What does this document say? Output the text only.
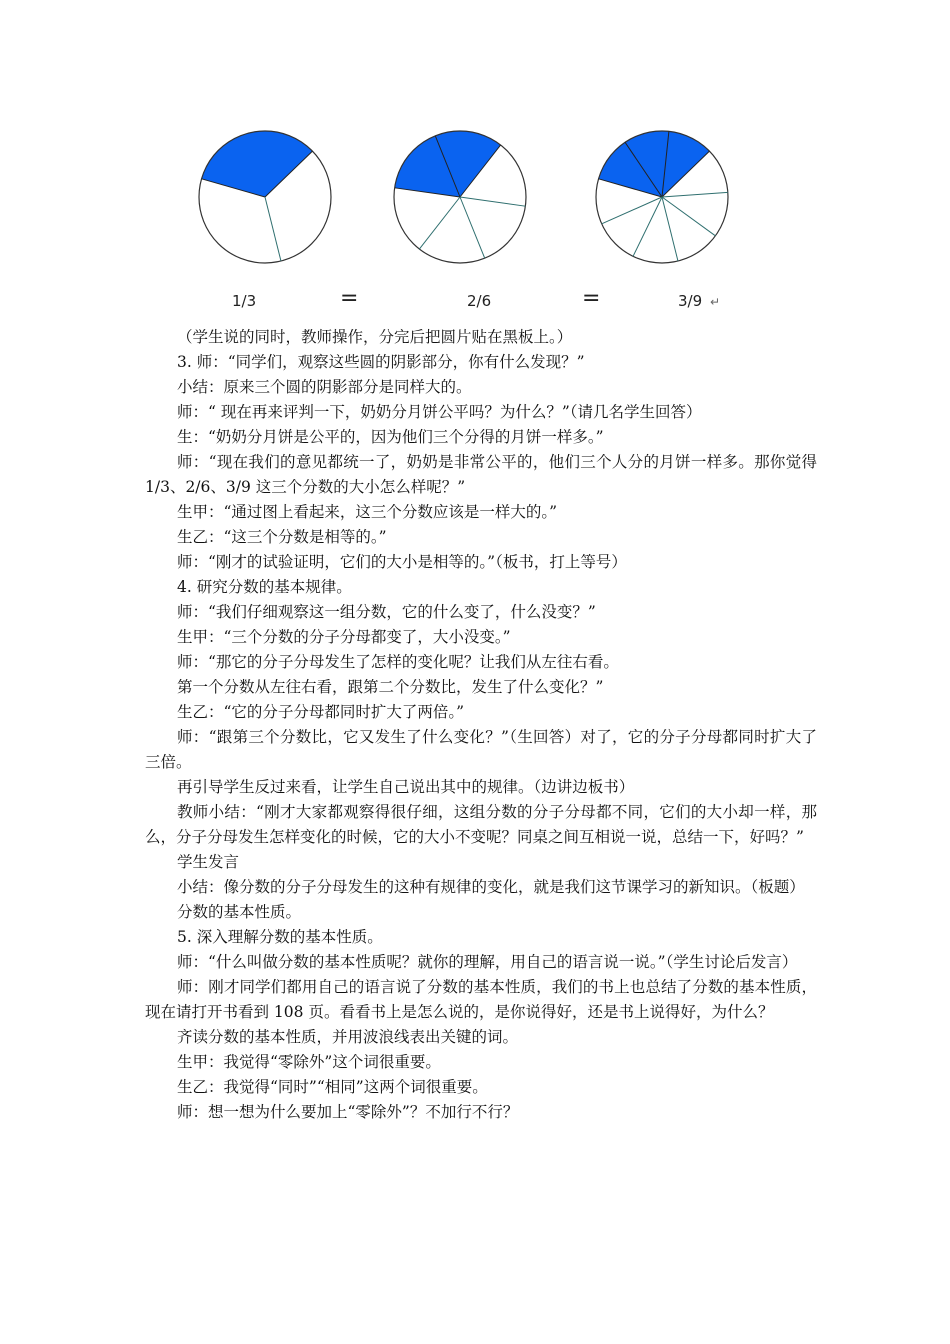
1/3	=	2/6	=	3/9 ↵

（学生说的同时，教师操作，分完后把圆片贴在黑板上。）

3. 师：“同学们，观察这些圆的阴影部分，你有什么发现？”

小结：原来三个圆的阴影部分是同样大的。

师：“ 现在再来评判一下，奶奶分月饼公平吗？为什么？”（请几名学生回答）

生：“奶奶分月饼是公平的，因为他们三个分得的月饼一样多。”

师：“现在我们的意见都统一了，奶奶是非常公平的，他们三个人分的月饼一样多。那你觉得 1/3、2/6、3/9 这三个分数的大小怎么样呢？”

生甲：“通过图上看起来，这三个分数应该是一样大的。”

生乙：“这三个分数是相等的。”

师：“刚才的试验证明，它们的大小是相等的。”（板书，打上等号）

4. 研究分数的基本规律。

师：“我们仔细观察这一组分数，它的什么变了，什么没变？”

生甲：“三个分数的分子分母都变了，大小没变。”

师：“那它的分子分母发生了怎样的变化呢？让我们从左往右看。

第一个分数从左往右看，跟第二个分数比，发生了什么变化？”

生乙：“它的分子分母都同时扩大了两倍。”

师：“跟第三个分数比，它又发生了什么变化？”（生回答）对了，它的分子分母都同时扩大了三倍。

再引导学生反过来看，让学生自己说出其中的规律。（边讲边板书）

教师小结：“刚才大家都观察得很仔细，这组分数的分子分母都不同，它们的大小却一样，那么，分子分母发生怎样变化的时候，它的大小不变呢？同桌之间互相说一说，总结一下，好吗？”

学生发言

小结：像分数的分子分母发生的这种有规律的变化，就是我们这节课学习的新知识。（板题）

分数的基本性质。

5. 深入理解分数的基本性质。

师：“什么叫做分数的基本性质呢？就你的理解，用自己的语言说一说。”（学生讨论后发言）

师：刚才同学们都用自己的语言说了分数的基本性质，我们的书上也总结了分数的基本性质，现在请打开书看到 108 页。看看书上是怎么说的，是你说得好，还是书上说得好，为什么？

齐读分数的基本性质，并用波浪线表出关键的词。

生甲：我觉得“零除外”这个词很重要。

生乙：我觉得“同时”“相同”这两个词很重要。

师：想一想为什么要加上“零除外”？不加行不行？
